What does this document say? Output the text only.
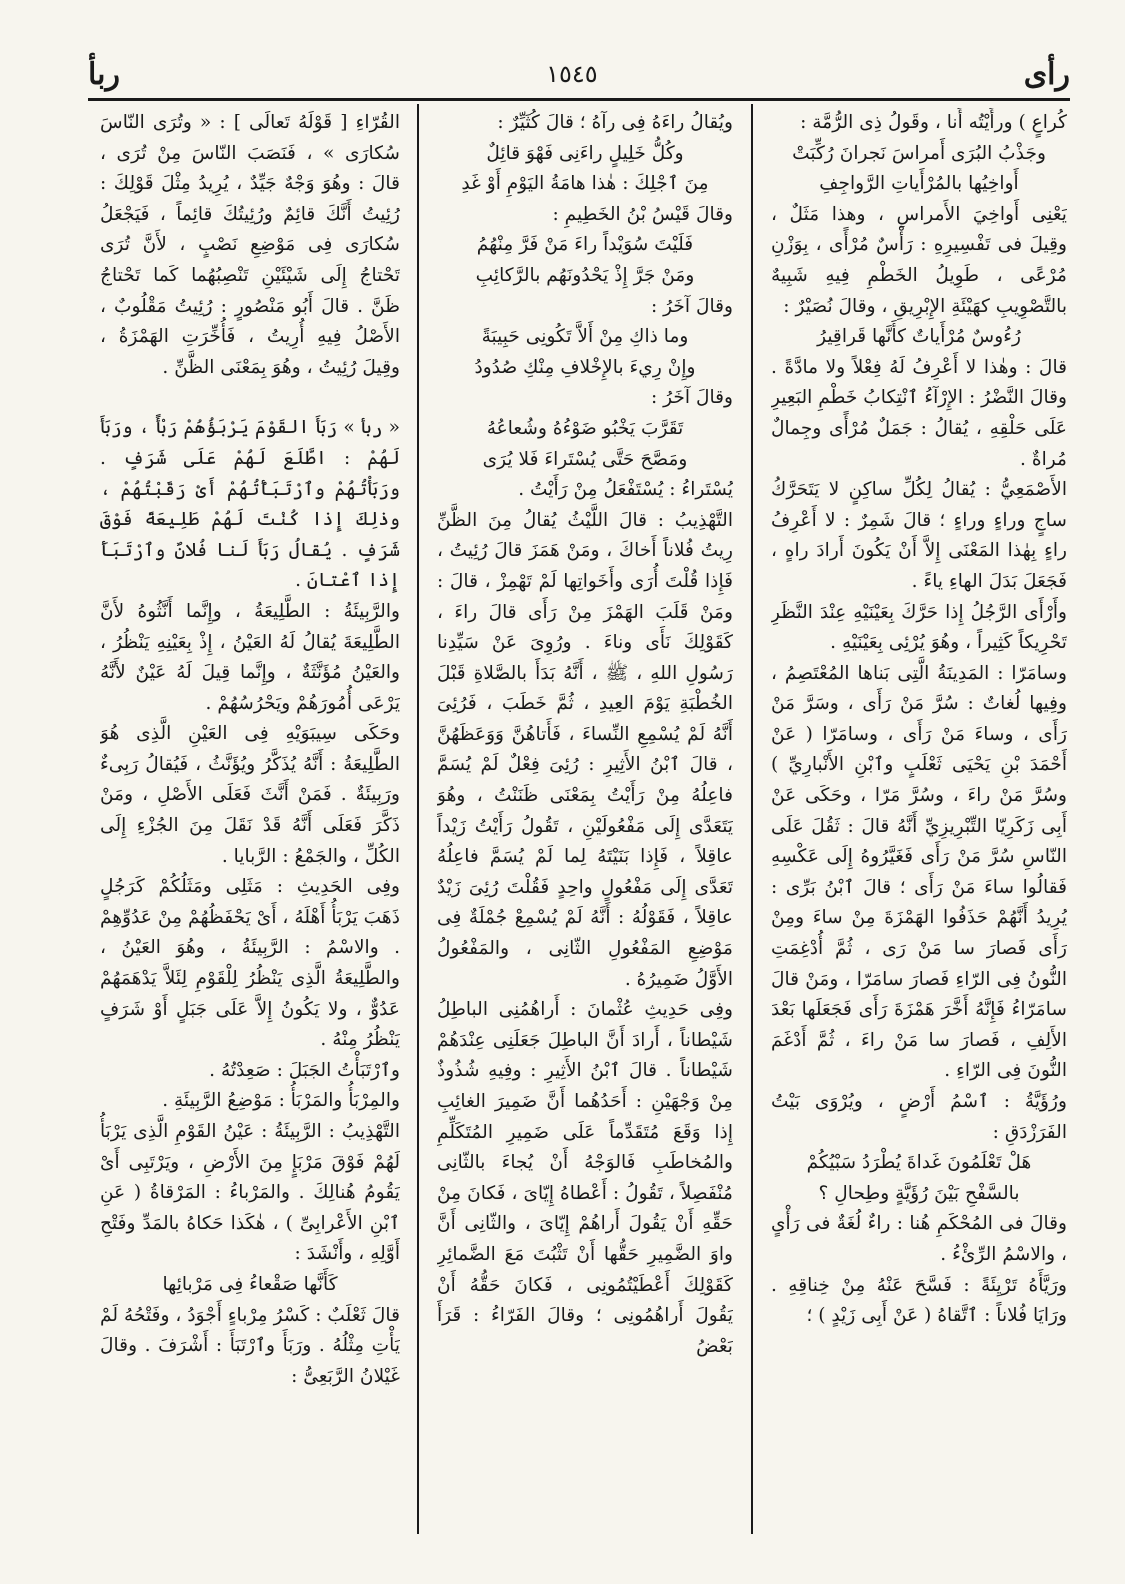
رأى
١٥٤٥
ربأ

كُراعٍ ) ورأَيْتُه أَنا ، وقَولُ ذِى الرُّمَّة :

وجَذْبُ البُرَى أَمراسَ نَجرانَ رُكِّبَتْ

أَواخِيُها بالمُرْأَياتِ الرَّواجِفِ

يَعْنِى أَواخِيَ الأَمراسِ ، وهذا مَثَلٌ ، وقِيلَ فى تَفْسِيرِهِ : رَأْسٌ مُرْأًى ، بِوَزْنِ مُرْعًى ، طَوِيلُ الخَطْمِ فِيهِ شَبِيهٌ بالتَّصْوِيبِ كهَيْئَةِ الإِبْرِيقِ ، وقالَ نُصَيْرٌ :

رُءُوسٌ مُرْأَياتٌ كأَنَّها قَراقِيرُ

قالَ : وهٰذا لا أَعْرِفُ لَهُ فِعْلاً ولا مادَّةً . وقالَ النَّضْرُ : الإِرْآءُ ٱنْتِكابُ خَطْمِ البَعِيرِ عَلَى حَلْقِهِ ، يُقالُ : جَمَلٌ مُرْأًى وجِمالٌ مُراةٌ .

الأَصْمَعِيُّ : يُقالُ لِكُلِّ ساكِنٍ لا يَتَحَرَّكُ ساجٍ وراءٍ وراءٍ ؛ قالَ شَمِرٌ : لا أَعْرِفُ راءٍ بِهٰذا المَعْنَى إِلاَّ أَنْ يَكُونَ أَرادَ راهٍ ، فَجَعَلَ بَدَلَ الهاءِ ياءً .

وأَرْأَى الرَّجُلُ إِذا حَرَّكَ بِعَيْنَيْهِ عِنْدَ النَّظَرِ تَحْرِيكاً كَثِيراً ، وهُوَ يُرْئِى بِعَيْنَيْهِ .

وسامَرّا : المَدِينَةُ الَّتِى بَناها المُعْتَصِمُ ، وفِيها لُغاتٌ : سُرَّ مَنْ رَأَى ، وسَرَّ مَنْ رَأَى ، وساءَ مَنْ رَأَى ، وسامَرّا ( عَنْ أَحْمَدَ بْنِ يَحْيَى ثَعْلَبٍ وٱبْنِ الأَنْبارِيِّ ) وسُرَّ مَنْ راءَ ، وسُرَّ مَرّا ، وحَكَى عَنْ أَبِى زَكَرِيّا التِّبْرِيزِيِّ أَنَّهُ قالَ : ثَقُلَ عَلَى النّاسِ سُرَّ مَنْ رَأَى فَغَيَّرُوهُ إِلَى عَكْسِهِ فَقالُوا ساءَ مَنْ رَأَى ؛ قالَ ٱبْنُ بَرِّى : يُرِيدُ أَنَّهُمْ حَذَفُوا الهَمْزَةَ مِنْ ساءَ ومِنْ رَأَى فَصارَ سا مَنْ رَى ، ثُمَّ أُدْغِمَتِ النُّونُ فِى الرّاءِ فَصارَ سامَرّا ، ومَنْ قالَ سامَرّاءُ فَإِنَّهُ أَخَّرَ هَمْزَةَ رَأَى فَجَعَلَها بَعْدَ الأَلِفِ ، فَصارَ سا مَنْ راءَ ، ثُمَّ أَدْغَمَ النُّونَ فِى الرّاءِ .

ورُؤَيَّةُ : ٱسْمُ أَرْضٍ ، ويُرْوَى بَيْتُ الفَرَزْدَقِ :

هَلْ تَعْلَمُونَ غَداةَ يُطْرَدُ سَبْيُكُمْ

بالسَّفْحِ بَيْنَ رُؤَيَّةٍ وطِحالِ ؟

وقالَ فى المُحْكَمِ هُنا : راءٌ لُغَةٌ فى رَأْىٍ ، والاسْمُ الرِّئْءُ .

ورَيَّأَهُ تَرْيِئَةً : فَسَّحَ عَنْهُ مِنْ خِناقِهِ . ورَايَا فُلاناً : ٱتَّقاهُ ( عَنْ أَبِى زَيْدٍ ) ؛

ويُقالُ راءَهُ فِى رآهُ ؛ قالَ كُثَيِّرٌ :

وكُلُّ خَلِيلٍ راءَنِى فَهْوَ قائِلٌ

مِنَ ٱجْلِكَ : هٰذا هامَةُ اليَوْمِ أَوْ غَدِ

وقالَ قَيْسُ بْنُ الخَطِيمِ :

فَلَيْتَ سُوَيْداً راءَ مَنْ فَرَّ مِنْهُمُ

ومَنْ جَرَّ إِذْ يَحْدُونَهُم بالرَّكائِبِ

وقالَ آخَرُ :

وما ذاكِ مِنْ أَلاَّ تَكُونِى حَبِيبَةً

وإِنْ رِيءَ بالإِخْلافِ مِنْكِ صُدُودُ

وقالَ آخَرُ :

تَقَرَّبَ يَخْبُو ضَوْءُهُ وشُعاعُهُ

ومَصَّحَ حَتَّى يُسْتَراءَ فَلا يُرَى

يُسْتَراءُ : يُسْتَفْعَلُ مِنْ رَأَيْتُ .

التَّهْذِيبُ : قالَ اللَّيْثُ يُقالُ مِنَ الظَّنِّ رِيتُ فُلاناً أَخاكَ ، ومَنْ هَمَزَ قالَ رُئِيتُ ، فَإِذا قُلْتَ أُرَى وأَخَواتِها لَمْ تَهْمِزْ ، قالَ : ومَنْ قَلَبَ الهَمْزَ مِنْ رَأَى قالَ راءَ ، كَقَوْلِكَ نَأَى وناءَ . ورُوِىَ عَنْ سَيِّدِنا رَسُولِ اللهِ ، ﷺ ، أَنَّهُ بَدَأَ بالصَّلاةِ قَبْلَ الخُطْبَةِ يَوْمَ العِيدِ ، ثُمَّ خَطَبَ ، فَرُئِىَ أَنَّهُ لَمْ يُسْمِعِ النِّساءَ ، فَأَتاهُنَّ وَوَعَظَهُنَّ ، قالَ ٱبْنُ الأَثِيرِ : رُئِىَ فِعْلٌ لَمْ يُسَمَّ فاعِلُهُ مِنْ رَأَيْتُ بِمَعْنَى ظَنَنْتُ ، وهُوَ يَتَعَدَّى إِلَى مَفْعُولَيْنِ ، تَقُولُ رَأَيْتُ زَيْداً عاقِلاً ، فَإِذا بَنَيْتَهُ لِما لَمْ يُسَمَّ فاعِلُهُ تَعَدَّى إِلَى مَفْعُولٍ واحِدٍ فَقُلْتَ رُئِىَ زَيْدٌ عاقِلاً ، فَقَوْلُهُ : أَنَّهُ لَمْ يُسْمِعْ جُمْلَةٌ فِى مَوْضِعِ المَفْعُولِ الثّانِى ، والمَفْعُولُ الأَوَّلُ ضَمِيرُهُ .

وفِى حَدِيثِ عُثْمانَ : أَراهُمُنِى الباطِلُ شَيْطاناً ، أَرادَ أَنَّ الباطِلَ جَعَلَنِى عِنْدَهُمْ شَيْطاناً . قالَ ٱبْنُ الأَثِيرِ : وفِيهِ شُذُوذٌ مِنْ وَجْهَيْنِ : أَحَدُهُما أَنَّ ضَمِيرَ الغائِبِ إِذا وَقَعَ مُتَقَدِّماً عَلَى ضَمِيرِ المُتَكَلِّمِ والمُخاطَبِ فَالوَجْهُ أَنْ يُجاءَ بالثّانِى مُنْفَصِلاً ، تَقُولُ : أَعْطاهُ إِيّاىَ ، فَكانَ مِنْ حَقِّهِ أَنْ يَقُولَ أَراهُمْ إِيّاىَ ، والثّانِى أَنَّ واوَ الضَّمِيرِ حَقُّها أَنْ تَثْبُتَ مَعَ الضَّمائِرِ كَقَوْلِكَ أَعْطَيْتُمُونِى ، فَكانَ حَقُّهُ أَنْ يَقُولَ أَراهُمُونِى ؛ وقالَ الفَرّاءُ : قَرَأَ بَعْضُ

القُرّاءِ [ قَوْلَهُ تَعالَى ] : « وتُرَى النّاسَ سُكارَى » ، فَنَصَبَ النّاسَ مِنْ تُرَى ، قالَ : وهُوَ وَجْهٌ جَيِّدٌ ، يُرِيدُ مِثْلَ قَوْلِكَ : رُئِيتُ أَنَّكَ قائِمٌ ورُئِيتُكَ قائِماً ، فَيَجْعَلُ سُكارَى فِى مَوْضِعِ نَصْبٍ ، لأَنَّ تُرَى تَحْتاجُ إِلَى شَيْئَيْنِ تَنْصِبُهُما كَما تَحْتاجُ ظَنَّ . قالَ أَبُو مَنْصُورٍ : رُئِيتُ مَقْلُوبٌ ، الأَصْلُ فِيهِ أُرِيتُ ، فَأُخِّرَتِ الهَمْزَةُ ، وقِيلَ رُئِيتُ ، وهُوَ بِمَعْنَى الظَّنِّ .

« ربأ » رَبَأَ القَوْمَ يَرْبَؤُهُمْ رَبْأً ، ورَبَأَ لَهُمْ : اطَّلَعَ لَهُمْ عَلَى شَرَفٍ . ورَبَأْتُهُمْ وٱرْتَبَأْتُهُمْ أَىْ رَقَبْتُهُمْ ، وذٰلِكَ إِذا كُنْتَ لَهُمْ طَلِيعَةً فَوْقَ شَرَفٍ . يُقالُ رَبَأَ لَنا فُلانٌ وٱرْتَبَأَ إِذا ٱعْتانَ .

والرَّبِيئَةُ : الطَّلِيعَةُ ، وإِنَّما أَنَّثُوهُ لأَنَّ الطَّلِيعَةَ يُقالُ لَهُ العَيْنُ ، إِذْ بِعَيْنِهِ يَنْظُرُ ، والعَيْنُ مُؤَنَّثَةٌ ، وإِنَّما قِيلَ لَهُ عَيْنٌ لأَنَّهُ يَرْعَى أُمُورَهُمْ ويَحْرُسُهُمْ .

وحَكَى سِيبَوَيْهِ فِى العَيْنِ الَّذِى هُوَ الطَّلِيعَةُ : أَنَّهُ يُذَكَّرُ ويُؤَنَّثُ ، فَيُقالُ رَبِىءٌ ورَبِيئَةٌ . فَمَنْ أَنَّثَ فَعَلَى الأَصْلِ ، ومَنْ ذَكَّرَ فَعَلَى أَنَّهُ قَدْ نَقَلَ مِنَ الجُزْءِ إِلَى الكُلِّ ، والجَمْعُ : الرَّبايا .

وفِى الحَدِيثِ : مَثَلِى ومَثَلُكُمْ كَرَجُلٍ ذَهَبَ يَرْبَأُ أَهْلَهُ ، أَىْ يَحْفَظُهُمْ مِنْ عَدُوِّهِمْ . والاسْمُ : الرَّبِيئَةُ ، وهُوَ العَيْنُ ، والطَّلِيعَةُ الَّذِى يَنْظُرُ لِلْقَوْمِ لِئَلاَّ يَدْهَمَهُمْ عَدُوٌّ ، ولا يَكُونُ إِلاَّ عَلَى جَبَلٍ أَوْ شَرَفٍ يَنْظُرُ مِنْهُ .

وٱرْتَبَأْتُ الجَبَلَ : صَعِدْتُهُ .

والمِرْبَأُ والمَرْبَأُ : مَوْضِعُ الرَّبِيئَةِ .

التَّهْذِيبُ : الرَّبِيئَةُ : عَيْنُ القَوْمِ الَّذِى يَرْبَأُ لَهُمْ فَوْقَ مَرْبَإٍ مِنَ الأَرْضِ ، ويَرْتَبِى أَىْ يَقُومُ هُنالِكَ . والمَرْباءُ : المَرْقاةُ ( عَنِ ٱبْنِ الأَعْرابِىِّ ) ، هٰكَذا حَكاهُ بالمَدِّ وفَتْحِ أَوَّلِهِ ، وأَنْشَدَ :

كَأَنَّها صَقْعاءُ فِى مَرْبائِها

قالَ ثَعْلَبٌ : كَسْرُ مِرْباءٍ أَجْوَدُ ، وفَتْحُهُ لَمْ يَأْتِ مِثْلُهُ . ورَبَأَ وٱرْتَبَأَ : أَشْرَفَ . وقالَ غَيْلانُ الرَّبَعِىُّ :
